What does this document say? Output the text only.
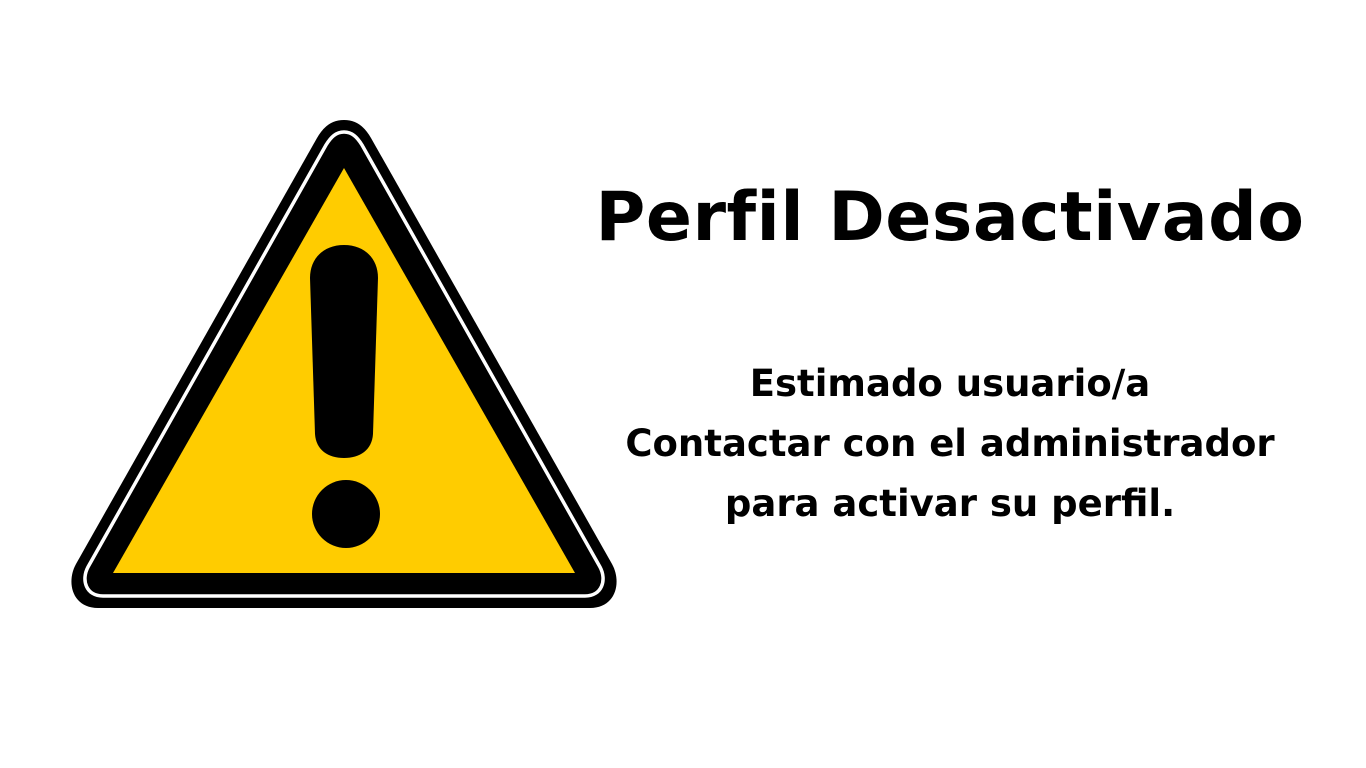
Perfil Desactivado
Estimado usuario/a
Contactar con el administrador
para activar su perfil.
